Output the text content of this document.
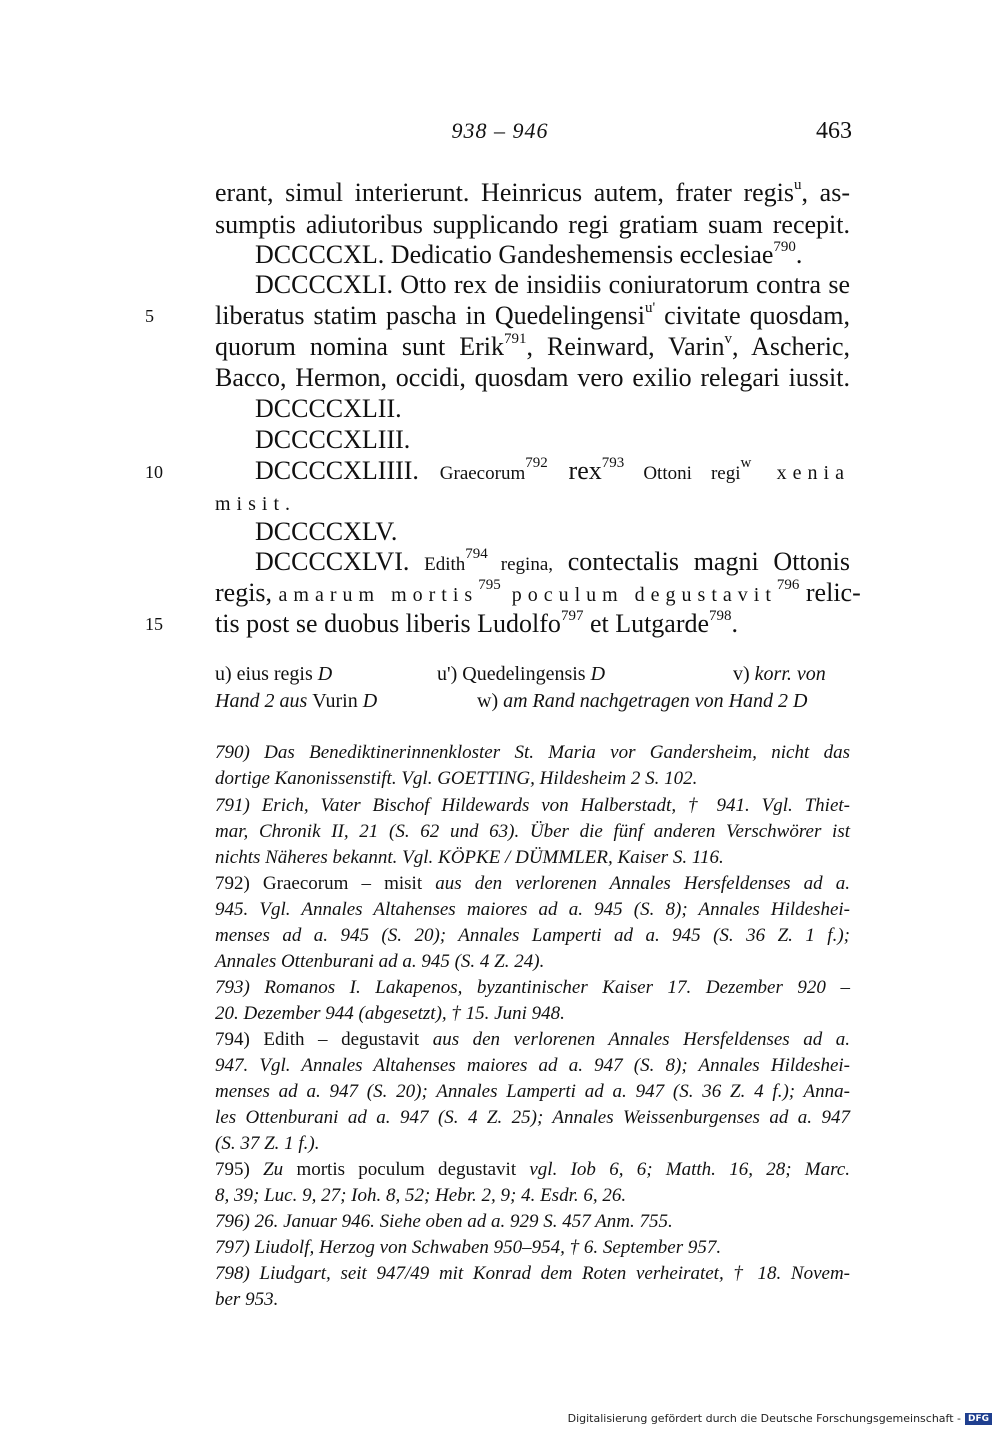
938 – 946	463
erant, simul interierunt. Heinricus autem, frater regis$^u$, as-
sumptis adiutoribus supplicando regi gratiam suam recepit.
DCCCCXL. Dedicatio Gandeshemensis ecclesiae$^{790}$.
DCCCCXLI. Otto rex de insidiis coniuratorum contra se
liberatus statim pascha in Quedelingensi$^{u'}$ civitate quosdam,
quorum nomina sunt Erik$^{791}$, Reinward, Varin$^v$, Ascheric,
Bacco, Hermon, occidi, quosdam vero exilio relegari iussit.
DCCCCXLII.
DCCCCXLIII.
DCCCCXLIIII. Graecorum$^{792}$ rex$^{793}$ Ottoni regi$^w$ xenia
misit.
DCCCCXLV.
DCCCCXLVI. Edith$^{794}$ regina, contectalis magni Ottonis
regis, amarum mortis$^{795}$ poculum degustavit$^{796}$ relic-
tis post se duobus liberis Ludolfo$^{797}$ et Lutgarde$^{798}$.
5
10
15
u) eius regis D	u') Quedelingensis D	v) korr. von
Hand 2 aus Vurin D	w) am Rand nachgetragen von Hand 2 D
790) Das Benediktinerinnenkloster St. Maria vor Gandersheim, nicht das
dortige Kanonissenstift. Vgl. GOETTING, Hildesheim 2 S. 102.
791) Erich, Vater Bischof Hildewards von Halberstadt, † 941. Vgl. Thiet-
mar, Chronik II, 21 (S. 62 und 63). Über die fünf anderen Verschwörer ist
nichts Näheres bekannt. Vgl. KÖPKE / DÜMMLER, Kaiser S. 116.
792) Graecorum – misit aus den verlorenen Annales Hersfeldenses ad a.
945. Vgl. Annales Altahenses maiores ad a. 945 (S. 8); Annales Hildeshei-
menses ad a. 945 (S. 20); Annales Lamperti ad a. 945 (S. 36 Z. 1 f.);
Annales Ottenburani ad a. 945 (S. 4 Z. 24).
793) Romanos I. Lakapenos, byzantinischer Kaiser 17. Dezember 920 –
20. Dezember 944 (abgesetzt), † 15. Juni 948.
794) Edith – degustavit aus den verlorenen Annales Hersfeldenses ad a.
947. Vgl. Annales Altahenses maiores ad a. 947 (S. 8); Annales Hildeshei-
menses ad a. 947 (S. 20); Annales Lamperti ad a. 947 (S. 36 Z. 4 f.); Anna-
les Ottenburani ad a. 947 (S. 4 Z. 25); Annales Weissenburgenses ad a. 947
(S. 37 Z. 1 f.).
795) Zu mortis poculum degustavit vgl. Iob 6, 6; Matth. 16, 28; Marc.
8, 39; Luc. 9, 27; Ioh. 8, 52; Hebr. 2, 9; 4. Esdr. 6, 26.
796) 26. Januar 946. Siehe oben ad a. 929 S. 457 Anm. 755.
797) Liudolf, Herzog von Schwaben 950–954, † 6. September 957.
798) Liudgart, seit 947/49 mit Konrad dem Roten verheiratet, † 18. Novem-
ber 953.
Digitalisierung gefördert durch die Deutsche Forschungsgemeinschaft - DFG
